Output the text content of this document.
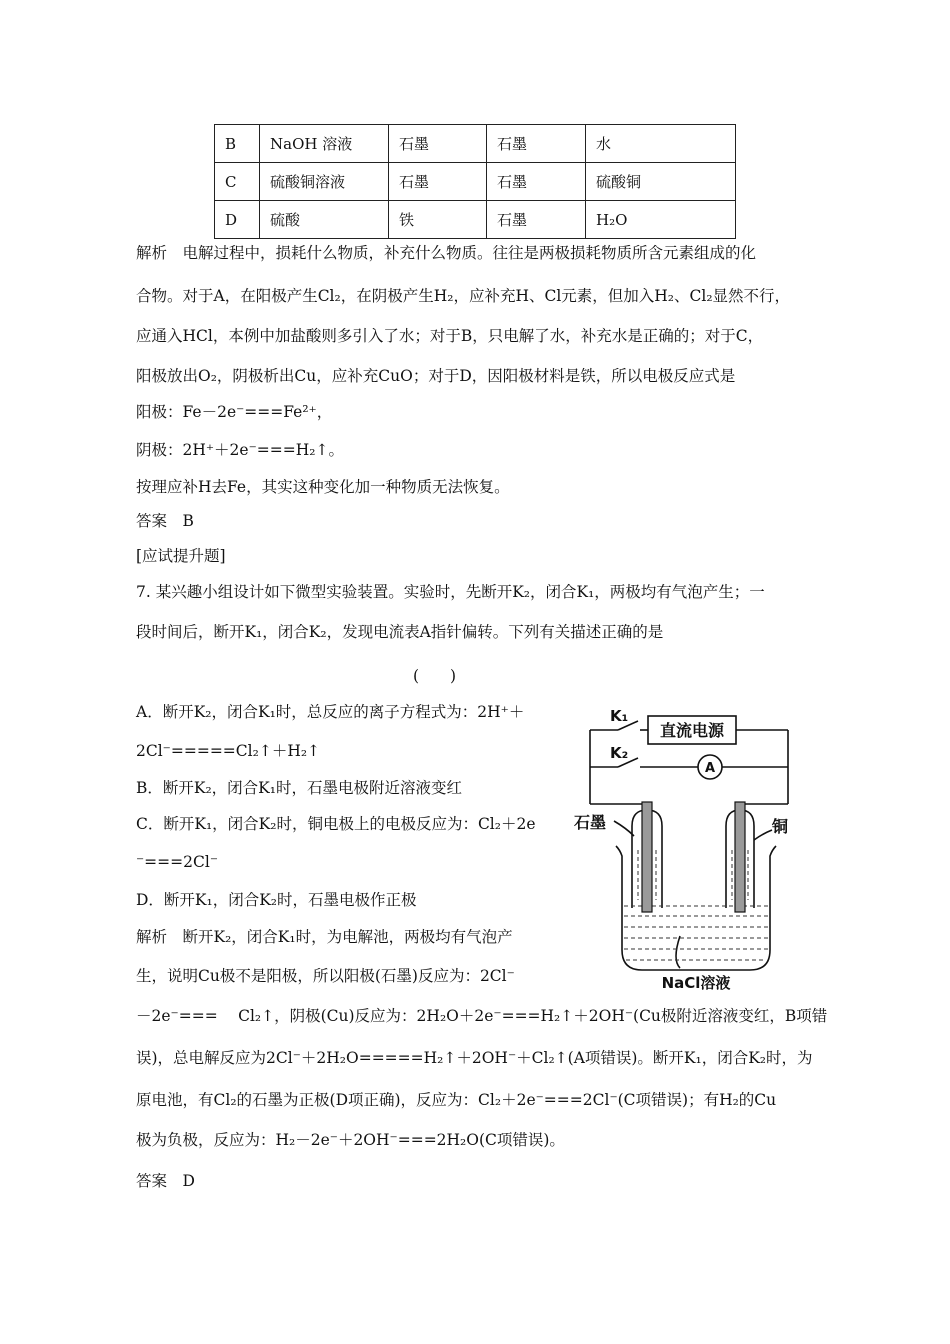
B	NaOH 溶液	石墨	石墨	水
C	硫酸铜溶液	石墨	石墨	硫酸铜
D	硫酸	铁	石墨	H₂O
解析　电解过程中，损耗什么物质，补充什么物质。往往是两极损耗物质所含元素组成的化
合物。对于A，在阳极产生Cl₂，在阴极产生H₂，应补充H、Cl元素，但加入H₂、Cl₂显然不行，
应通入HCl，本例中加盐酸则多引入了水；对于B，只电解了水，补充水是正确的；对于C，
阳极放出O₂，阴极析出Cu，应补充CuO；对于D，因阳极材料是铁，所以电极反应式是
阳极：Fe－2e⁻===Fe²⁺，
阴极：2H⁺＋2e⁻===H₂↑。
按理应补H去Fe，其实这种变化加一种物质无法恢复。
答案　B
[应试提升题]
7. 某兴趣小组设计如下微型实验装置。实验时，先断开K₂，闭合K₁，两极均有气泡产生；一
段时间后，断开K₁，闭合K₂，发现电流表A指针偏转。下列有关描述正确的是
(　　)
A．断开K₂，闭合K₁时，总反应的离子方程式为：2H⁺＋
2Cl⁻=====Cl₂↑＋H₂↑
B．断开K₂，闭合K₁时，石墨电极附近溶液变红
C．断开K₁，闭合K₂时，铜电极上的电极反应为：Cl₂＋2e
⁻===2Cl⁻
D．断开K₁，闭合K₂时，石墨电极作正极
解析　断开K₂，闭合K₁时，为电解池，两极均有气泡产
生，说明Cu极不是阳极，所以阳极(石墨)反应为：2Cl⁻
－2e⁻===　 Cl₂↑，阴极(Cu)反应为：2H₂O＋2e⁻===H₂↑＋2OH⁻(Cu极附近溶液变红，B项错
误)，总电解反应为2Cl⁻＋2H₂O=====H₂↑＋2OH⁻＋Cl₂↑(A项错误)。断开K₁，闭合K₂时，为
原电池，有Cl₂的石墨为正极(D项正确)，反应为：Cl₂＋2e⁻===2Cl⁻(C项错误)；有H₂的Cu
极为负极，反应为：H₂－2e⁻＋2OH⁻===2H₂O(C项错误)。
答案　D
K₁
K₂
直流电源
A
石墨	铜
NaCl溶液
